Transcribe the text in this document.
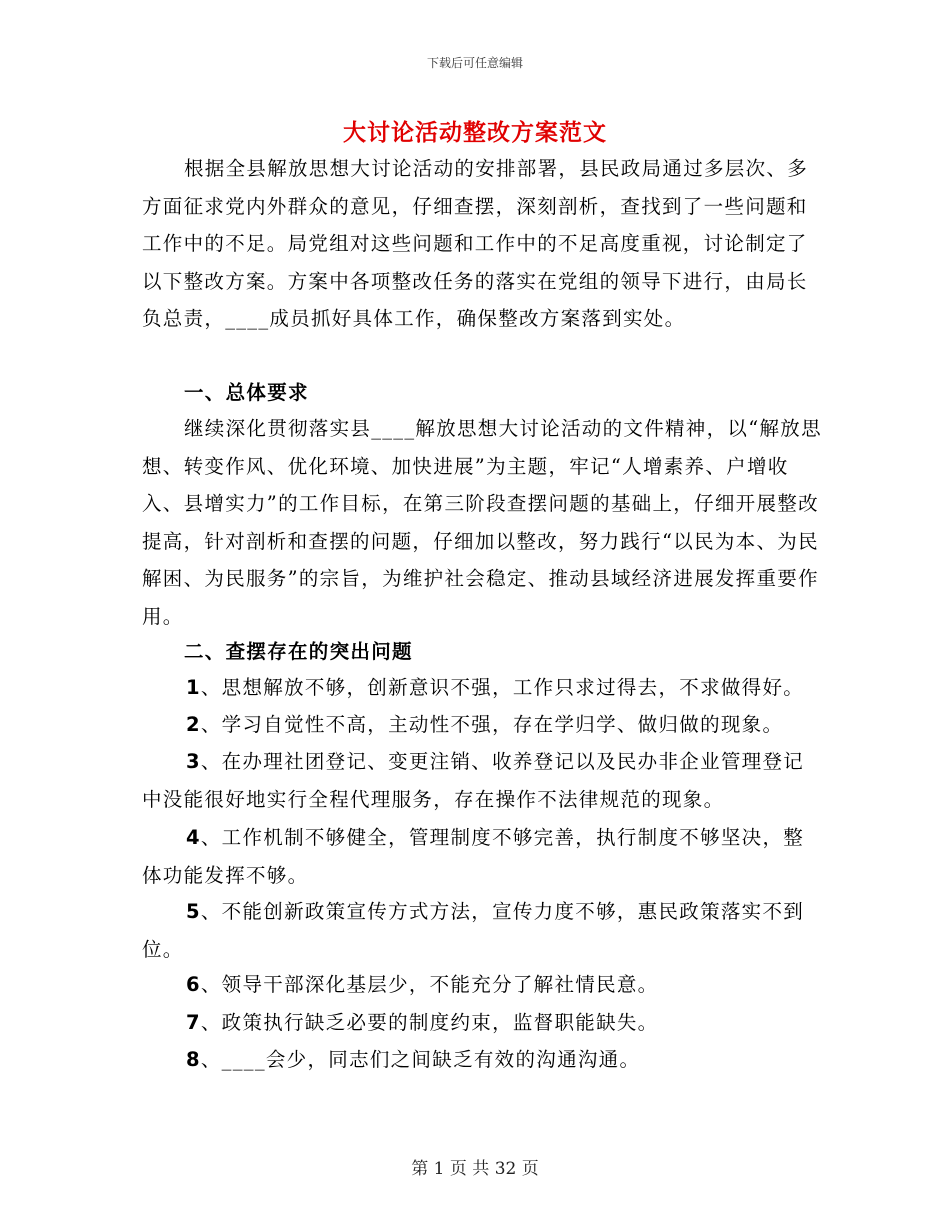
下载后可任意编辑
大讨论活动整改方案范文

根据全县解放思想大讨论活动的安排部署，县民政局通过多层次、多方面征求党内外群众的意见，仔细查摆，深刻剖析，查找到了一些问题和工作中的不足。局党组对这些问题和工作中的不足高度重视，讨论制定了以下整改方案。方案中各项整改任务的落实在党组的领导下进行，由局长负总责，____成员抓好具体工作，确保整改方案落到实处。

一、总体要求

继续深化贯彻落实县____解放思想大讨论活动的文件精神，以“解放思想、转变作风、优化环境、加快进展”为主题，牢记“人增素养、户增收入、县增实力”的工作目标，在第三阶段查摆问题的基础上，仔细开展整改提高，针对剖析和查摆的问题，仔细加以整改，努力践行“以民为本、为民解困、为民服务”的宗旨，为维护社会稳定、推动县域经济进展发挥重要作用。

二、查摆存在的突出问题

1、思想解放不够，创新意识不强，工作只求过得去，不求做得好。

2、学习自觉性不高，主动性不强，存在学归学、做归做的现象。

3、在办理社团登记、变更注销、收养登记以及民办非企业管理登记中没能很好地实行全程代理服务，存在操作不法律规范的现象。

4、工作机制不够健全，管理制度不够完善，执行制度不够坚决，整体功能发挥不够。

5、不能创新政策宣传方式方法，宣传力度不够，惠民政策落实不到位。

6、领导干部深化基层少，不能充分了解社情民意。

7、政策执行缺乏必要的制度约束，监督职能缺失。

8、____会少，同志们之间缺乏有效的沟通沟通。

第 1 页 共 32 页
